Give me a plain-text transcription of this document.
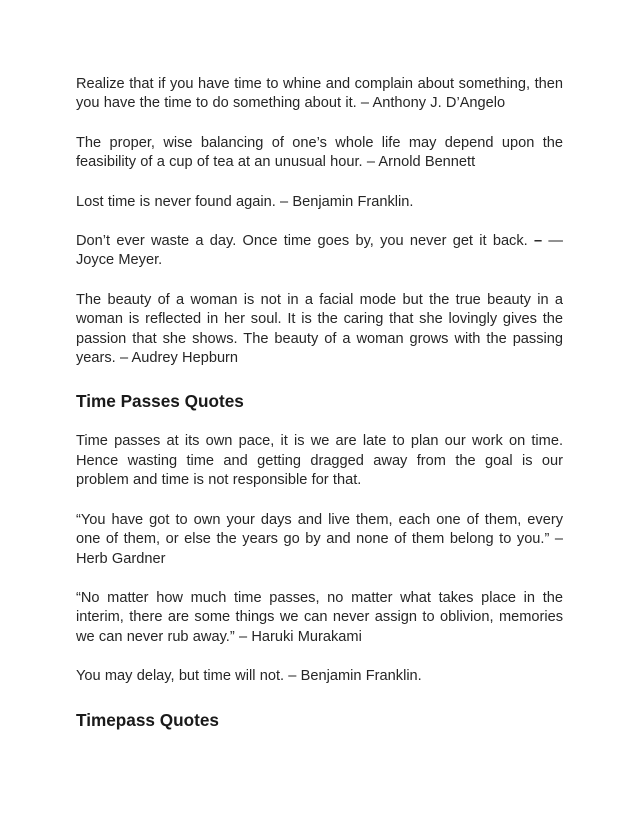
Realize that if you have time to whine and complain about something, then you have the time to do something about it. – Anthony J. D’Angelo

The proper, wise balancing of one’s whole life may depend upon the feasibility of a cup of tea at an unusual hour. – Arnold Bennett

Lost time is never found again. – Benjamin Franklin.

Don’t ever waste a day. Once time goes by, you never get it back. – — Joyce Meyer.

The beauty of a woman is not in a facial mode but the true beauty in a woman is reflected in her soul. It is the caring that she lovingly gives the passion that she shows. The beauty of a woman grows with the passing years. – Audrey Hepburn

Time Passes Quotes

Time passes at its own pace, it is we are late to plan our work on time. Hence wasting time and getting dragged away from the goal is our problem and time is not responsible for that.

“You have got to own your days and live them, each one of them, every one of them, or else the years go by and none of them belong to you.” – Herb Gardner

“No matter how much time passes, no matter what takes place in the interim, there are some things we can never assign to oblivion, memories we can never rub away.” – Haruki Murakami

You may delay, but time will not. – Benjamin Franklin.

Timepass Quotes
